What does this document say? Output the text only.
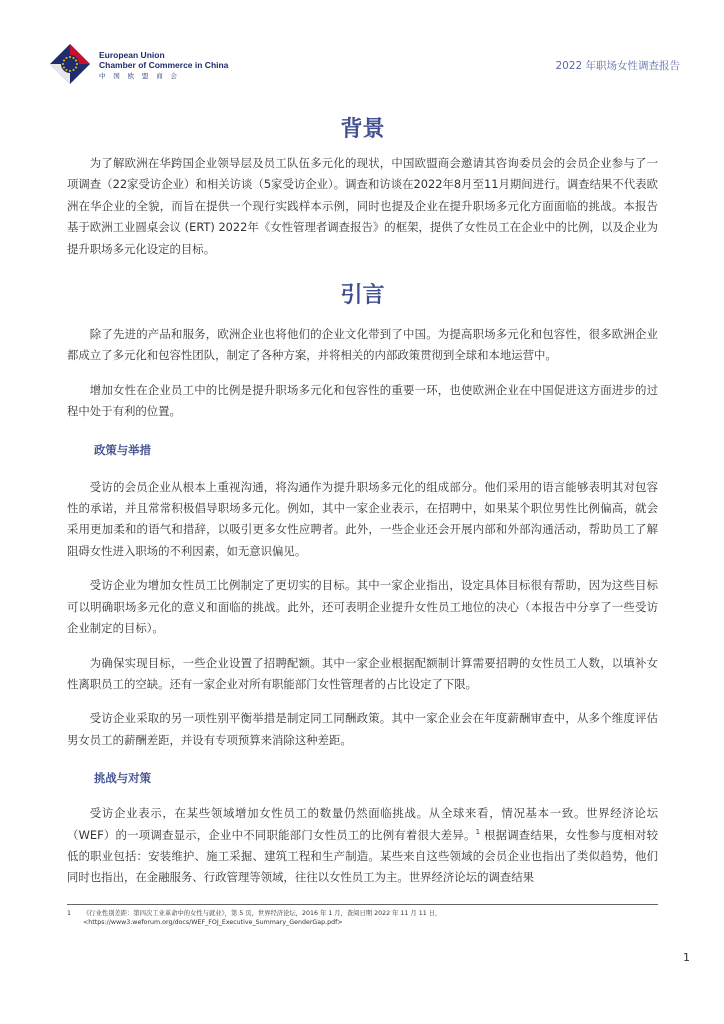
European Union
Chamber of Commerce in China
中 国 欧 盟 商 会
2022 年职场女性调查报告
背景

为了解欧洲在华跨国企业领导层及员工队伍多元化的现状，中国欧盟商会邀请其咨询委员会的会员企业参与了一项调查（22家受访企业）和相关访谈（5家受访企业）。调查和访谈在2022年8月至11月期间进行。调查结果不代表欧洲在华企业的全貌，而旨在提供一个现行实践样本示例，同时也提及企业在提升职场多元化方面面临的挑战。本报告基于欧洲工业圆桌会议 (ERT) 2022年《女性管理者调查报告》的框架，提供了女性员工在企业中的比例，以及企业为提升职场多元化设定的目标。

引言

除了先进的产品和服务，欧洲企业也将他们的企业文化带到了中国。为提高职场多元化和包容性，很多欧洲企业都成立了多元化和包容性团队，制定了各种方案，并将相关的内部政策贯彻到全球和本地运营中。

增加女性在企业员工中的比例是提升职场多元化和包容性的重要一环，也使欧洲企业在中国促进这方面进步的过程中处于有利的位置。

政策与举措

受访的会员企业从根本上重视沟通，将沟通作为提升职场多元化的组成部分。他们采用的语言能够表明其对包容性的承诺，并且常常积极倡导职场多元化。例如，其中一家企业表示，在招聘中，如果某个职位男性比例偏高，就会采用更加柔和的语气和措辞，以吸引更多女性应聘者。此外，一些企业还会开展内部和外部沟通活动，帮助员工了解阻碍女性进入职场的不利因素，如无意识偏见。

受访企业为增加女性员工比例制定了更切实的目标。其中一家企业指出，设定具体目标很有帮助，因为这些目标可以明确职场多元化的意义和面临的挑战。此外，还可表明企业提升女性员工地位的决心（本报告中分享了一些受访企业制定的目标）。

为确保实现目标，一些企业设置了招聘配额。其中一家企业根据配额制计算需要招聘的女性员工人数，以填补女性离职员工的空缺。还有一家企业对所有职能部门女性管理者的占比设定了下限。

受访企业采取的另一项性别平衡举措是制定同工同酬政策。其中一家企业会在年度薪酬审查中，从多个维度评估男女员工的薪酬差距，并设有专项预算来消除这种差距。

挑战与对策

受访企业表示，在某些领域增加女性员工的数量仍然面临挑战。从全球来看，情况基本一致。世界经济论坛（WEF）的一项调查显示，企业中不同职能部门女性员工的比例有着很大差异。$^1$ 根据调查结果，女性参与度相对较低的职业包括：安装维护、施工采掘、建筑工程和生产制造。某些来自这些领域的会员企业也指出了类似趋势，他们同时也指出，在金融服务、行政管理等领域，往往以女性员工为主。世界经济论坛的调查结果

1 《行业性别差距：第四次工业革命中的女性与就业》，第 5 页，世界经济论坛，2016 年 1 月，查阅日期 2022 年 11 月 11 日，<https://www3.weforum.org/docs/WEF_FOJ_Executive_Summary_GenderGap.pdf>
1
